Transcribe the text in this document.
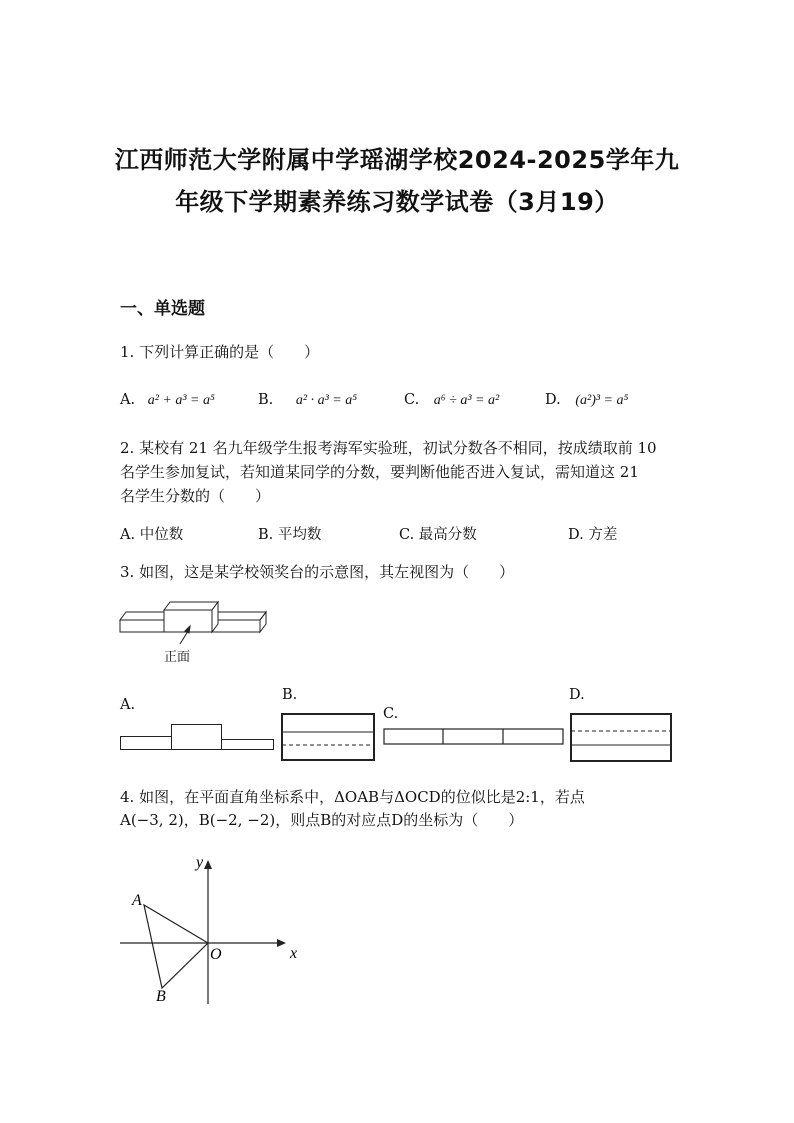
江西师范大学附属中学瑶湖学校2024-2025学年九
年级下学期素养练习数学试卷（3月19）
一、单选题
1. 下列计算正确的是（　　）
A. a² + a³ = a⁵	B. a² · a³ = a⁵	C. a⁶ ÷ a³ = a²	D. (a²)³ = a⁵
2. 某校有 21 名九年级学生报考海军实验班，初试分数各不相同，按成绩取前 10
名学生参加复试，若知道某同学的分数，要判断他能否进入复试，需知道这 21
名学生分数的（　　）
A. 中位数	B. 平均数	C. 最高分数	D. 方差
3. 如图，这是某学校领奖台的示意图，其左视图为（　　）
正面
A.
B.
C.
D.
4. 如图，在平面直角坐标系中，ΔOAB与ΔOCD的位似比是2:1，若点
A(−3, 2)，B(−2, −2)，则点B的对应点D的坐标为（　　）
x
y
A
B
O
